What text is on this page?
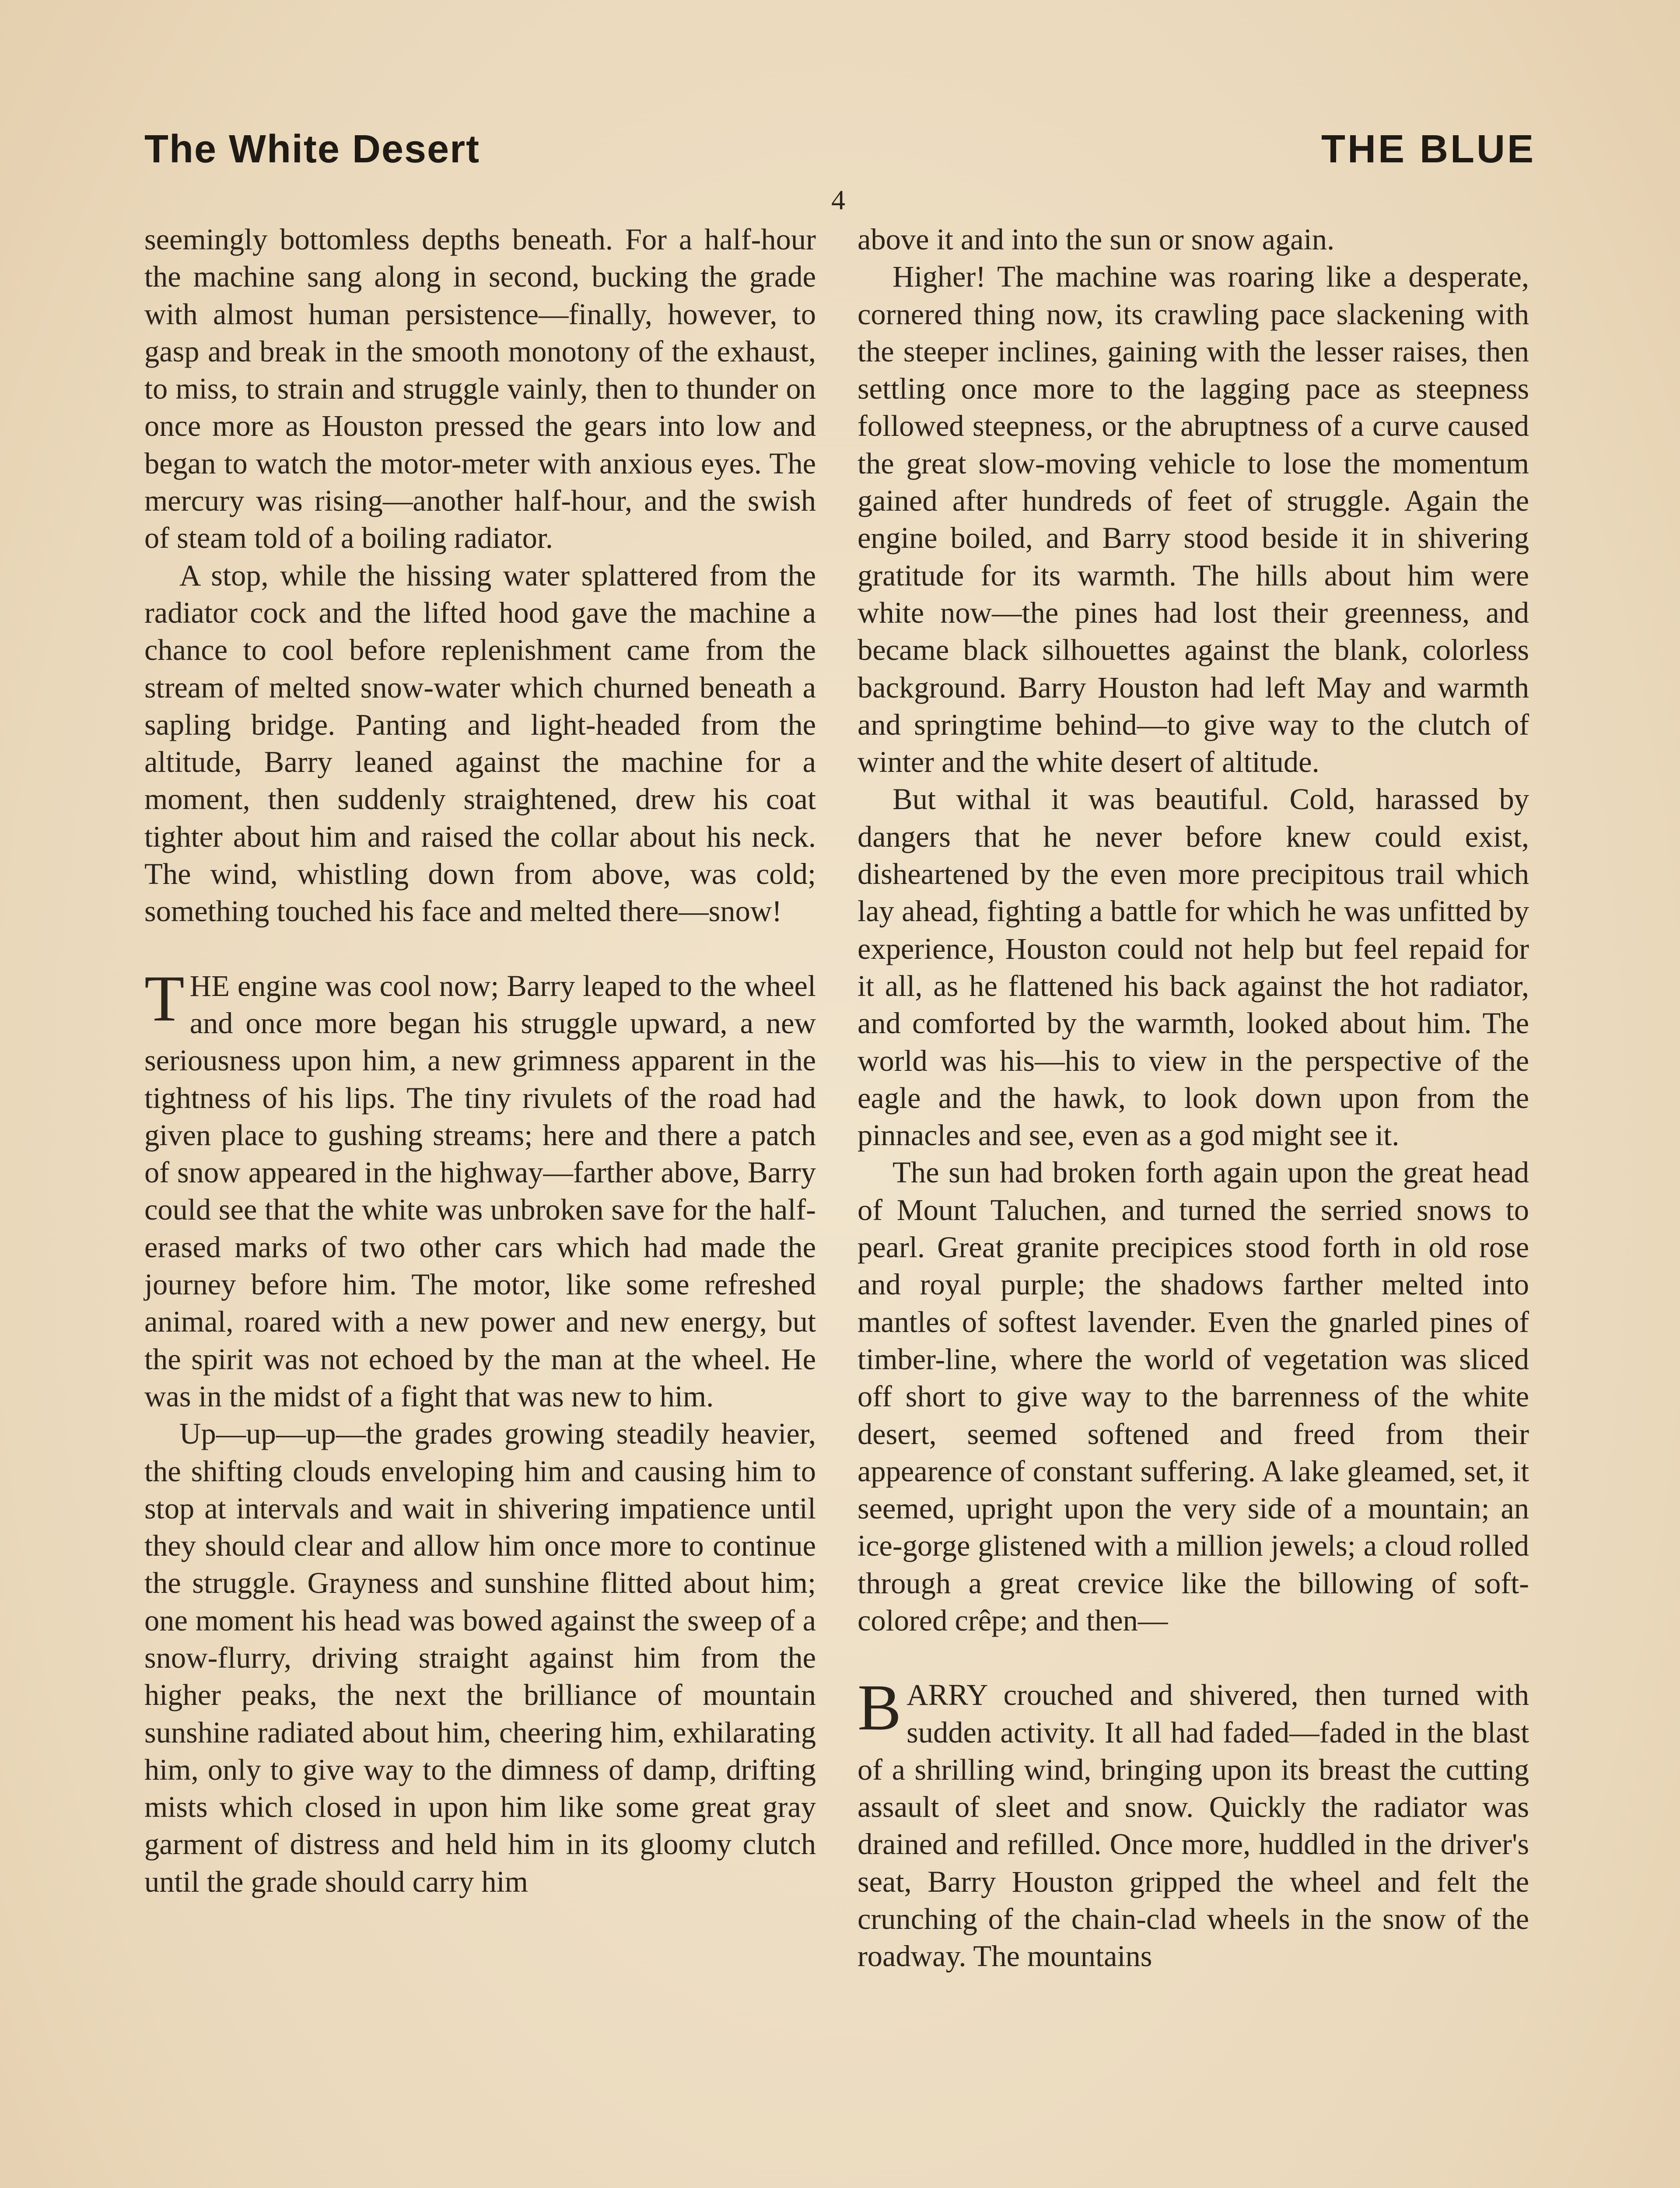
The White Desert	THE BLUE
4

seemingly bottomless depths beneath. For a half-hour the machine sang along in second, bucking the grade with almost human persistence—finally, however, to gasp and break in the smooth monotony of the exhaust, to miss, to strain and struggle vainly, then to thunder on once more as Houston pressed the gears into low and began to watch the motor-meter with anxious eyes. The mercury was rising—another half-hour, and the swish of steam told of a boiling radiator.

A stop, while the hissing water splattered from the radiator cock and the lifted hood gave the machine a chance to cool before replenishment came from the stream of melted snow-water which churned beneath a sapling bridge. Panting and light-headed from the altitude, Barry leaned against the machine for a moment, then suddenly straightened, drew his coat tighter about him and raised the collar about his neck. The wind, whistling down from above, was cold; something touched his face and melted there—snow!

THE engine was cool now; Barry leaped to the wheel and once more began his struggle upward, a new seriousness upon him, a new grimness apparent in the tightness of his lips. The tiny rivulets of the road had given place to gushing streams; here and there a patch of snow appeared in the highway—farther above, Barry could see that the white was unbroken save for the half-erased marks of two other cars which had made the journey before him. The motor, like some refreshed animal, roared with a new power and new energy, but the spirit was not echoed by the man at the wheel. He was in the midst of a fight that was new to him.

Up—up—up—the grades growing steadily heavier, the shifting clouds enveloping him and causing him to stop at intervals and wait in shivering impatience until they should clear and allow him once more to continue the struggle. Grayness and sunshine flitted about him; one moment his head was bowed against the sweep of a snow-flurry, driving straight against him from the higher peaks, the next the brilliance of mountain sunshine radiated about him, cheering him, exhilarating him, only to give way to the dimness of damp, drifting mists which closed in upon him like some great gray garment of distress and held him in its gloomy clutch until the grade should carry him

above it and into the sun or snow again.

Higher! The machine was roaring like a desperate, cornered thing now, its crawling pace slackening with the steeper inclines, gaining with the lesser raises, then settling once more to the lagging pace as steepness followed steepness, or the abruptness of a curve caused the great slow-moving vehicle to lose the momentum gained after hundreds of feet of struggle. Again the engine boiled, and Barry stood beside it in shivering gratitude for its warmth. The hills about him were white now—the pines had lost their greenness, and became black silhouettes against the blank, colorless background. Barry Houston had left May and warmth and springtime behind—to give way to the clutch of winter and the white desert of altitude.

But withal it was beautiful. Cold, harassed by dangers that he never before knew could exist, disheartened by the even more precipitous trail which lay ahead, fighting a battle for which he was unfitted by experience, Houston could not help but feel repaid for it all, as he flattened his back against the hot radiator, and comforted by the warmth, looked about him. The world was his—his to view in the perspective of the eagle and the hawk, to look down upon from the pinnacles and see, even as a god might see it.

The sun had broken forth again upon the great head of Mount Taluchen, and turned the serried snows to pearl. Great granite precipices stood forth in old rose and royal purple; the shadows farther melted into mantles of softest lavender. Even the gnarled pines of timber-line, where the world of vegetation was sliced off short to give way to the barrenness of the white desert, seemed softened and freed from their appearence of constant suffering. A lake gleamed, set, it seemed, upright upon the very side of a mountain; an ice-gorge glistened with a million jewels; a cloud rolled through a great crevice like the billowing of soft-colored crêpe; and then—

BARRY crouched and shivered, then turned with sudden activity. It all had faded—faded in the blast of a shrilling wind, bringing upon its breast the cutting assault of sleet and snow. Quickly the radiator was drained and refilled. Once more, huddled in the driver's seat, Barry Houston gripped the wheel and felt the crunching of the chain-clad wheels in the snow of the roadway. The mountains
